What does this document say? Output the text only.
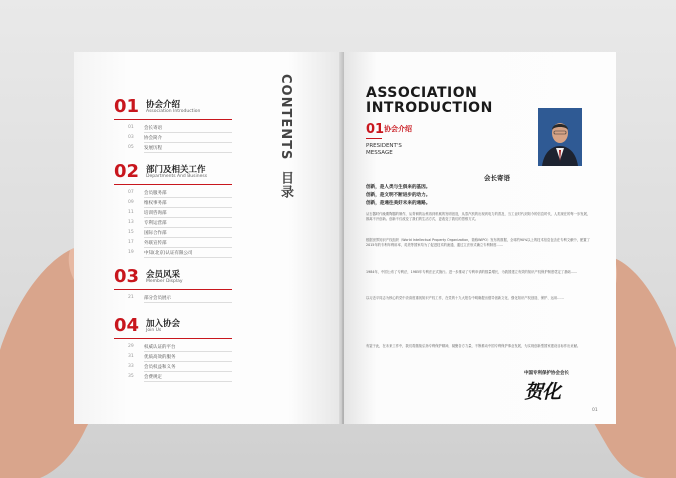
CONTENTS 目录
01 协会介绍
Association Introduction
01 会长寄语
03 协会简介
05 发展历程
02 部门及相关工作
Departments And Business
07 会员服务部
09 维权事务部
11 培训咨询部
13 专利运营部
15 国际合作部
17 外联宣传部
19 中知(北京)认证有限公司
03 会员风采
Member Display
21 部分会员展示
04 加入协会
Join Us
29 权威认证的平台
31 优质高效的服务
33 会员权益和义务
35 会费规定
ASSOCIATION
INTRODUCTION
01 协会介绍
PRESIDENT'S
MESSAGE
会长寄语
创新，是人类与生俱来的基因。
创新，是文明不断进步的动力。
创新，是通往美好未来的通路。
从石器时代晚期陶器的制作，从青铜的冶炼再到机械的发明创造，从蒸汽机的出现到电力的普及，当工业时代到知今的信息时代，人类现在的每一步发展，都离不开创新。创新不仅改变了我们的生活方式，更改变了我们的思维方式。
根据世界知识产权组织（World Intellectual Property Organization，简称WIPO）发布的数据，全球约90%以上的技术信息包含在专利文献中，配置了2015年的专利年利用率，英美等国家均为了促进技术的流通，通过立法形式确立专利制度……
1984年，中国公布了专利法，1985年专利法正式施行。进一步推动了专利申请的数量增长，为我国建立有效的知识产权保护制度奠定了基础……
以习近平同志为核心的党中央高度重视知识产权工作，在党的十九大报告中明确提出倡导创新文化、强化知识产权创造、保护、运用……
有鉴于此，在未来工作中，我们将继续弘扬专利保护精神，凝聚各方力量，不断推动中国专利保护事业发展，为实现创新型国家建设目标作出贡献。
中国专利保护协会会长
贺化
01
